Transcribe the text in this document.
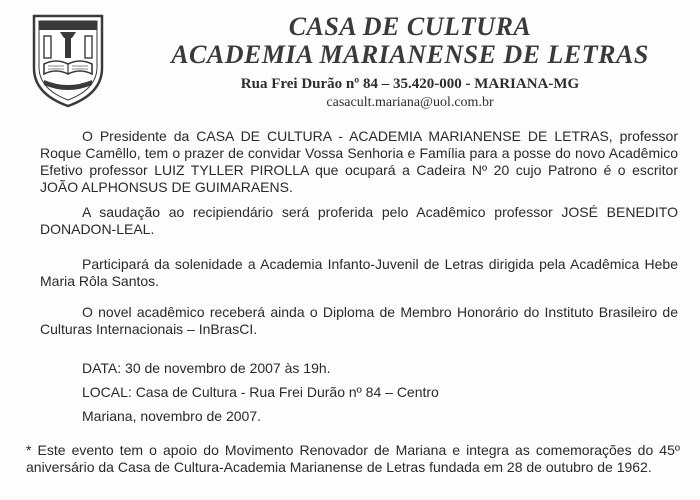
CASA DE CULTURA
ACADEMIA MARIANENSE DE LETRAS
Rua Frei Durão nº 84 – 35.420-000 - MARIANA-MG
casacult.mariana@uol.com.br

O Presidente da CASA DE CULTURA - ACADEMIA MARIANENSE DE LETRAS, professor Roque Camêllo, tem o prazer de convidar Vossa Senhoria e Família para a posse do novo Acadêmico Efetivo professor LUIZ TYLLER PIROLLA que ocupará a Cadeira Nº 20 cujo Patrono é o escritor JOÃO ALPHONSUS DE GUIMARAENS.

A saudação ao recipiendário será proferida pelo Acadêmico professor JOSÉ BENEDITO DONADON-LEAL.

Participará da solenidade a Academia Infanto-Juvenil de Letras dirigida pela Acadêmica Hebe Maria Rôla Santos.

O novel acadêmico receberá ainda o Diploma de Membro Honorário do Instituto Brasileiro de Culturas Internacionais – InBrasCI.

DATA: 30 de novembro de 2007 às 19h.
LOCAL: Casa de Cultura - Rua Frei Durão nº 84 – Centro
Mariana, novembro de 2007.

* Este evento tem o apoio do Movimento Renovador de Mariana e integra as comemorações do 45º aniversário da Casa de Cultura-Academia Marianense de Letras fundada em 28 de outubro de 1962.
